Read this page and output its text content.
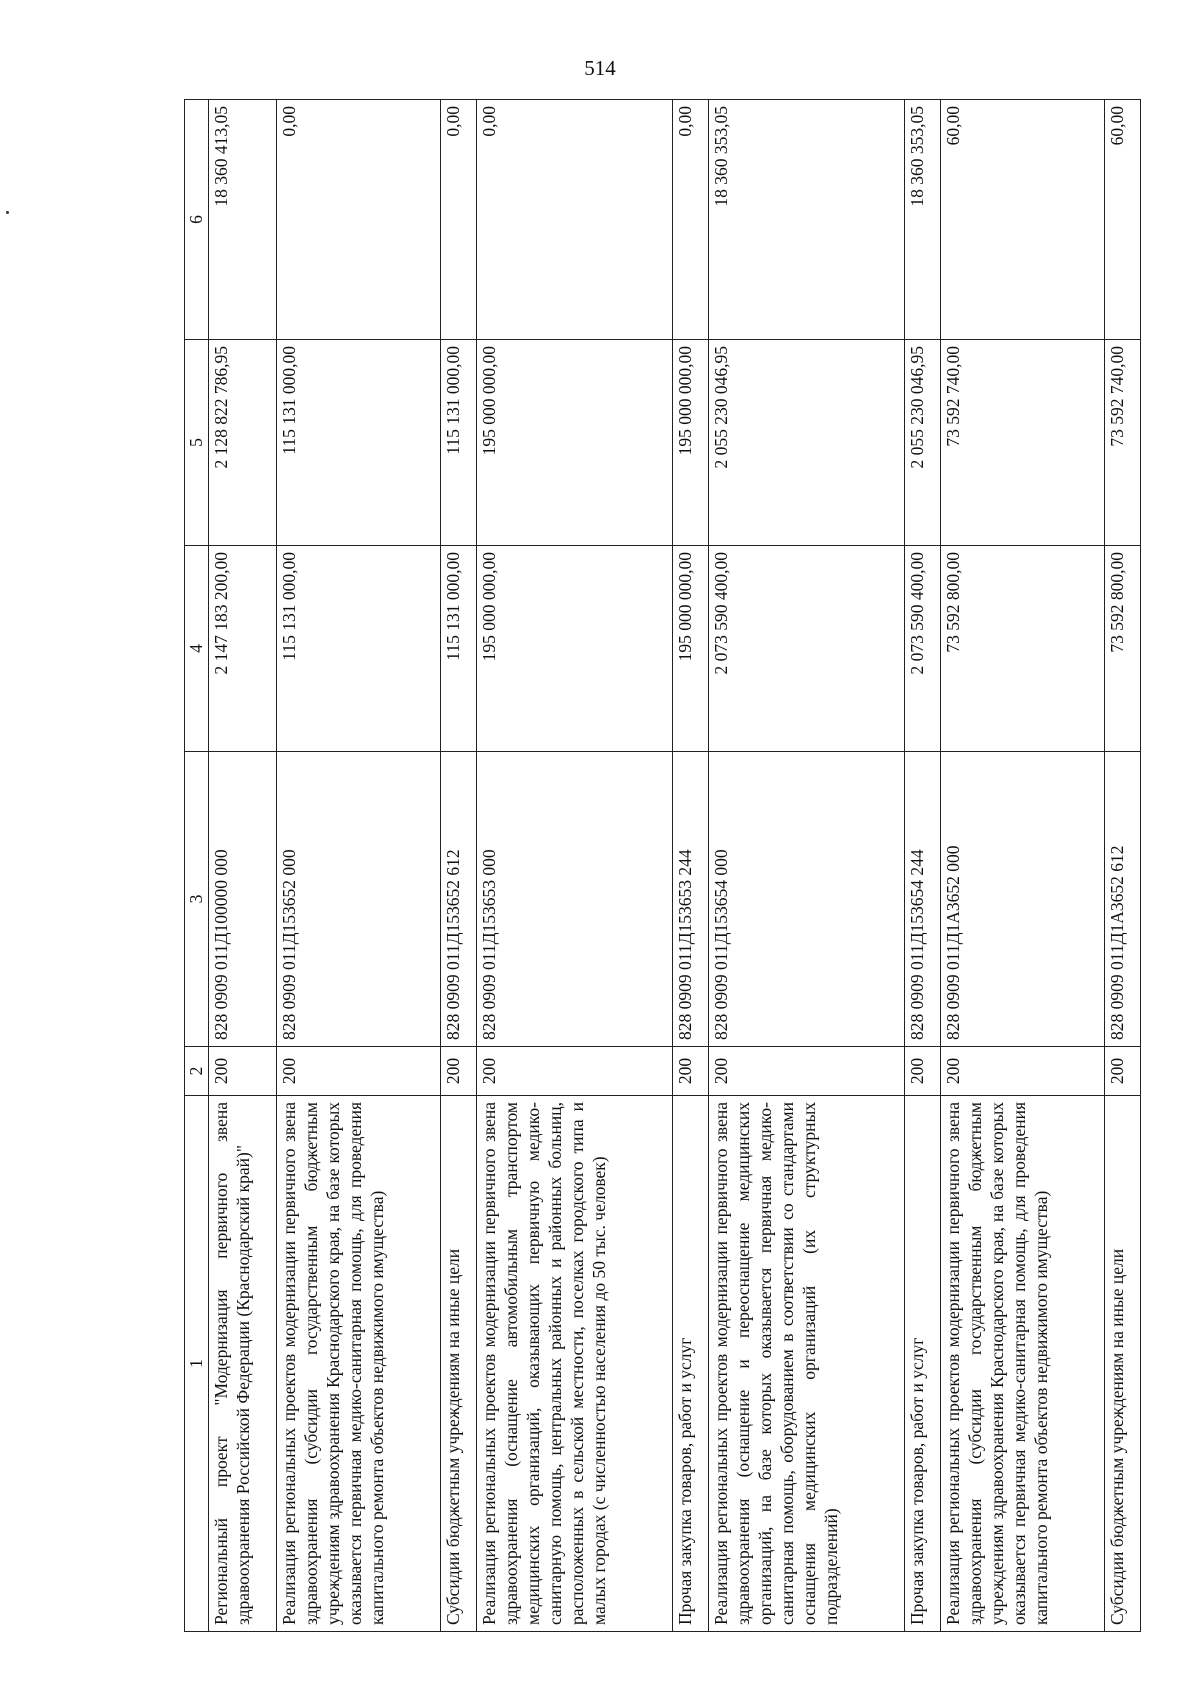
514
1	2	3	4	5	6
Региональный проект "Модернизация первичного звена здравоохранения Российской Федерации (Краснодарский край)"	200	828 0909 011Д100000 000	2 147 183 200,00	2 128 822 786,95	18 360 413,05
Реализация региональных проектов модернизации первичного звена здравоохранения (субсидии государственным бюджетным учреждениям здравоохранения Краснодарского края, на базе которых оказывается первичная медико-санитарная помощь, для проведения капитального ремонта объектов недвижимого имущества)	200	828 0909 011Д153652 000	115 131 000,00	115 131 000,00	0,00
Субсидии бюджетным учреждениям на иные цели	200	828 0909 011Д153652 612	115 131 000,00	115 131 000,00	0,00
Реализация региональных проектов модернизации первичного звена здравоохранения (оснащение автомобильным транспортом медицинских организаций, оказывающих первичную медико-санитарную помощь, центральных районных и районных больниц, расположенных в сельской местности, поселках городского типа и малых городах (с численностью населения до 50 тыс. человек)	200	828 0909 011Д153653 000	195 000 000,00	195 000 000,00	0,00
Прочая закупка товаров, работ и услуг	200	828 0909 011Д153653 244	195 000 000,00	195 000 000,00	0,00
Реализация региональных проектов модернизации первичного звена здравоохранения (оснащение и переоснащение медицинских организаций, на базе которых оказывается первичная медико-санитарная помощь, оборудованием в соответствии со стандартами оснащения медицинских организаций (их структурных подразделений)	200	828 0909 011Д153654 000	2 073 590 400,00	2 055 230 046,95	18 360 353,05
Прочая закупка товаров, работ и услуг	200	828 0909 011Д153654 244	2 073 590 400,00	2 055 230 046,95	18 360 353,05
Реализация региональных проектов модернизации первичного звена здравоохранения (субсидии государственным бюджетным учреждениям здравоохранения Краснодарского края, на базе которых оказывается первичная медико-санитарная помощь, для проведения капитального ремонта объектов недвижимого имущества)	200	828 0909 011Д1А3652 000	73 592 800,00	73 592 740,00	60,00
Субсидии бюджетным учреждениям на иные цели	200	828 0909 011Д1А3652 612	73 592 800,00	73 592 740,00	60,00
